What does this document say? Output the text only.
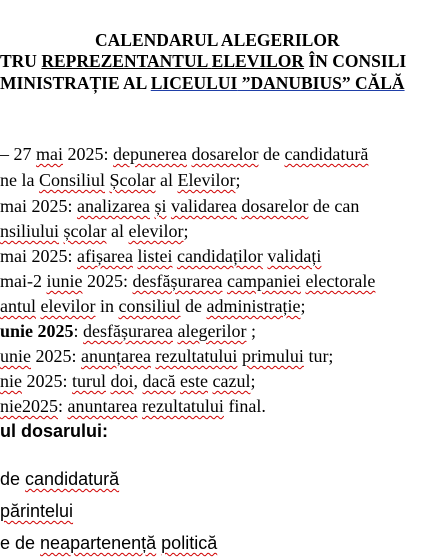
CALENDARUL ALEGERILOR
TRU REPREZENTANTUL ELEVILOR ÎN CONSILI
MINISTRAȚIE AL LICEULUI ”DANUBIUS” CĂLĂ
– 27 mai 2025: depunerea dosarelor de candidatură
ne la Consiliul Școlar al Elevilor;
mai 2025: analizarea și validarea dosarelor de can
nsiliului școlar al elevilor;
mai 2025: afișarea listei candidaților validați
mai-2 iunie 2025: desfășurarea campaniei electorale
antul elevilor in consiliul de administrație;
unie 2025: desfășurarea alegerilor ;
unie 2025: anunțarea rezultatului primului tur;
nie 2025: turul doi, dacă este cazul;
nie2025: anuntarea rezultatului final.
ul dosarului:
de candidatură
părintelui
e de neapartenență politică
